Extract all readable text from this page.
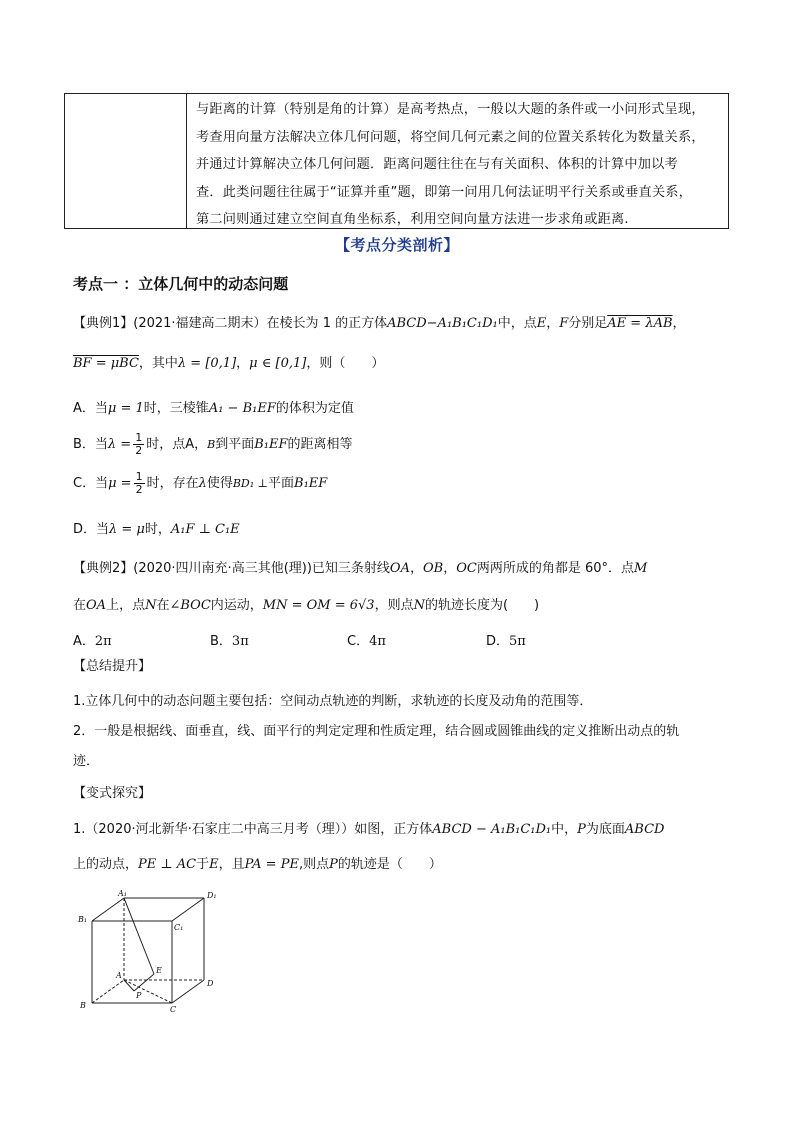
与距离的计算（特别是角的计算）是高考热点，一般以大题的条件或一小问形式呈现，
考查用向量方法解决立体几何问题，将空间几何元素之间的位置关系转化为数量关系，
并通过计算解决立体几何问题．距离问题往往在与有关面积、体积的计算中加以考
查．此类问题往往属于“证算并重”题，即第一问用几何法证明平行关系或垂直关系，
第二问则通过建立空间直角坐标系，利用空间向量方法进一步求角或距离.
【考点分类剖析】
考点一 ：立体几何中的动态问题
【典例1】(2021·福建高二期末）在棱长为 1 的正方体ABCD−A₁B₁C₁D₁中，点E，F分别足AE = λAB，
BF = μBC，其中λ = [0,1]，μ ∈ [0,1]，则（　　）
A．当μ = 1时，三棱锥A₁ − B₁EF的体积为定值
B．当$\lambda = \frac{1}{2}$ 时，点A，B到平面B₁EF的距离相等
C．当$\mu = \frac{1}{2}$ 时，存在λ使得BD₁ ⊥平面B₁EF
D．当λ = μ时，A₁F ⊥ C₁E
【典例2】(2020·四川南充·高三其他(理))已知三条射线OA，OB，OC两两所成的角都是 60°．点M
在OA上，点N在∠BOC内运动，MN = OM = 6√3，则点N的轨迹长度为(　　)
A．2π	B．3π	C．4π	D．5π
【总结提升】
1.立体几何中的动态问题主要包括：空间动点轨迹的判断，求轨迹的长度及动角的范围等．
2．一般是根据线、面垂直，线、面平行的判定定理和性质定理，结合圆或圆锥曲线的定义推断出动点的轨
迹．
【变式探究】
1.（2020·河北新华·石家庄二中高三月考（理））如图，正方体ABCD − A₁B₁C₁D₁中，P为底面ABCD
上的动点，PE ⊥ AC于E，且PA = PE,则点P的轨迹是（　　）
A₁	D₁
B₁
C₁
A
E
P
D
B	C
